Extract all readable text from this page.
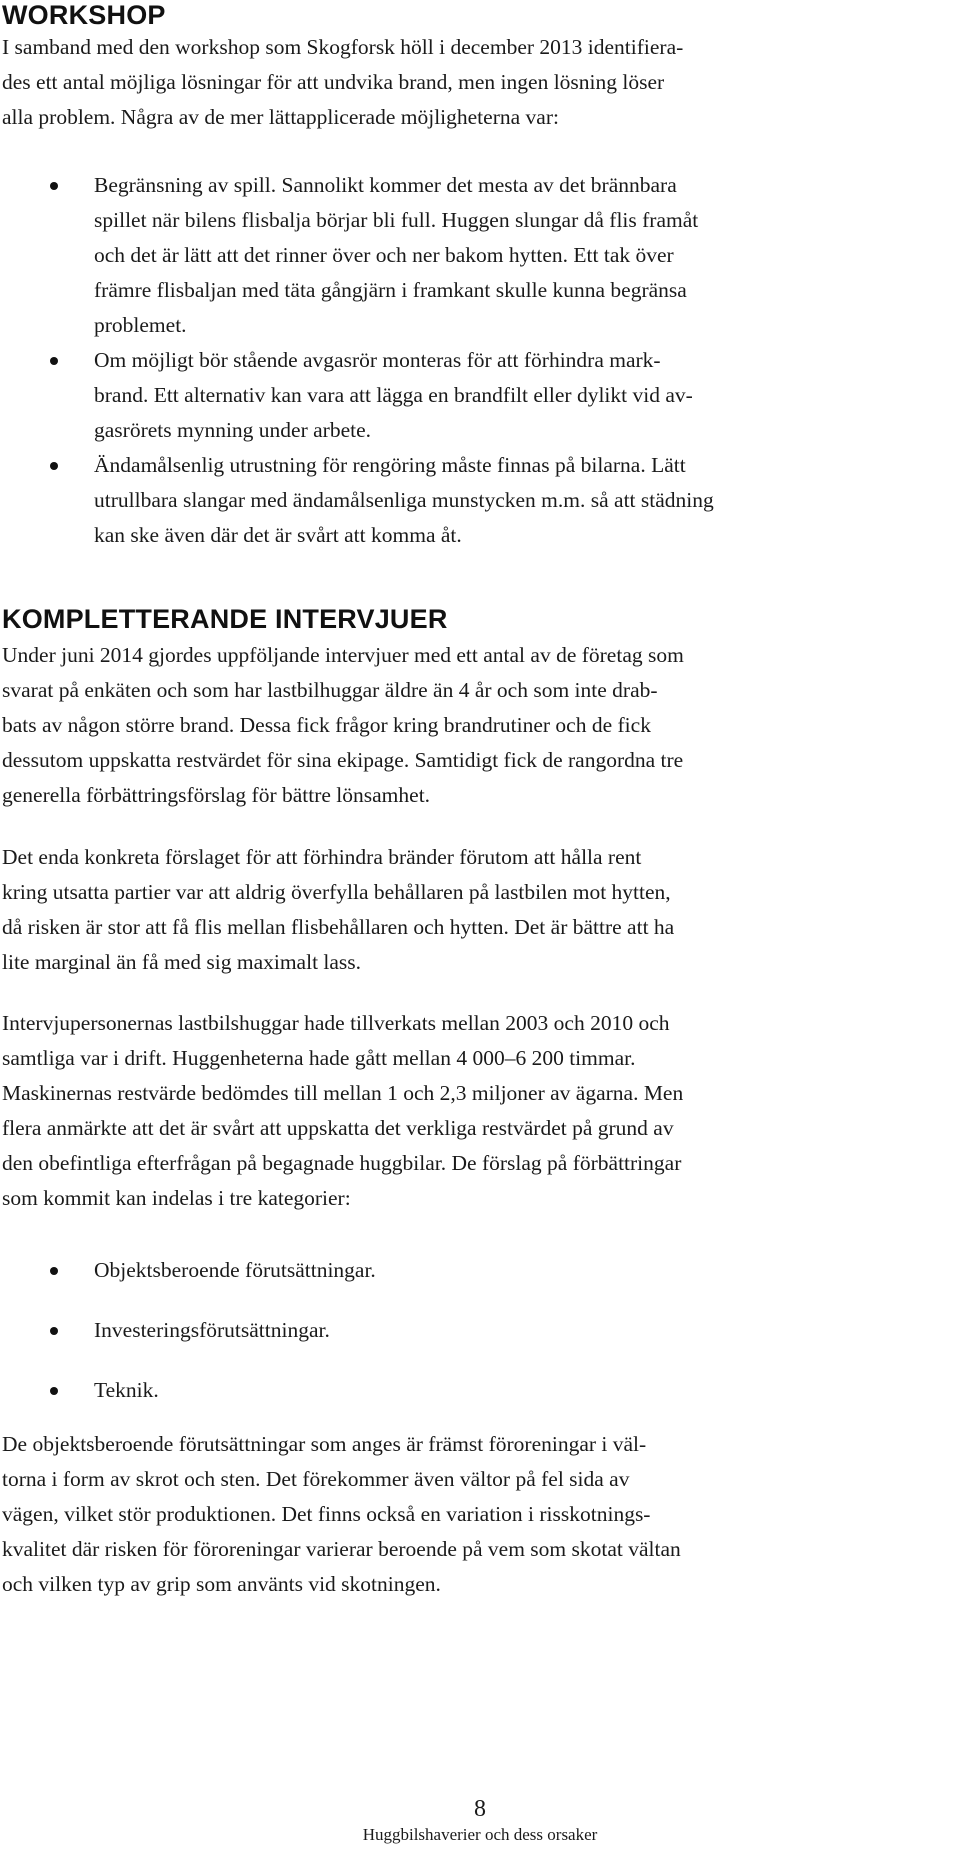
WORKSHOP
I samband med den workshop som Skogforsk höll i december 2013 identifiera-
des ett antal möjliga lösningar för att undvika brand, men ingen lösning löser
alla problem. Några av de mer lättapplicerade möjligheterna var:
Begränsning av spill. Sannolikt kommer det mesta av det brännbara
spillet när bilens flisbalja börjar bli full. Huggen slungar då flis framåt
och det är lätt att det rinner över och ner bakom hytten. Ett tak över
främre flisbaljan med täta gångjärn i framkant skulle kunna begränsa
problemet.
Om möjligt bör stående avgasrör monteras för att förhindra mark-
brand. Ett alternativ kan vara att lägga en brandfilt eller dylikt vid av-
gasrörets mynning under arbete.
Ändamålsenlig utrustning för rengöring måste finnas på bilarna. Lätt
utrullbara slangar med ändamålsenliga munstycken m.m. så att städning
kan ske även där det är svårt att komma åt.
KOMPLETTERANDE INTERVJUER
Under juni 2014 gjordes uppföljande intervjuer med ett antal av de företag som
svarat på enkäten och som har lastbilhuggar äldre än 4 år och som inte drab-
bats av någon större brand. Dessa fick frågor kring brandrutiner och de fick
dessutom uppskatta restvärdet för sina ekipage. Samtidigt fick de rangordna tre
generella förbättringsförslag för bättre lönsamhet.
Det enda konkreta förslaget för att förhindra bränder förutom att hålla rent
kring utsatta partier var att aldrig överfylla behållaren på lastbilen mot hytten,
då risken är stor att få flis mellan flisbehållaren och hytten. Det är bättre att ha
lite marginal än få med sig maximalt lass.
Intervjupersonernas lastbilshuggar hade tillverkats mellan 2003 och 2010 och
samtliga var i drift. Huggenheterna hade gått mellan 4 000–6 200 timmar.
Maskinernas restvärde bedömdes till mellan 1 och 2,3 miljoner av ägarna. Men
flera anmärkte att det är svårt att uppskatta det verkliga restvärdet på grund av
den obefintliga efterfrågan på begagnade huggbilar. De förslag på förbättringar
som kommit kan indelas i tre kategorier:
Objektsberoende förutsättningar.
Investeringsförutsättningar.
Teknik.
De objektsberoende förutsättningar som anges är främst föroreningar i väl-
torna i form av skrot och sten. Det förekommer även vältor på fel sida av
vägen, vilket stör produktionen. Det finns också en variation i risskotnings-
kvalitet där risken för föroreningar varierar beroende på vem som skotat vältan
och vilken typ av grip som använts vid skotningen.
8
Huggbilshaverier och dess orsaker
